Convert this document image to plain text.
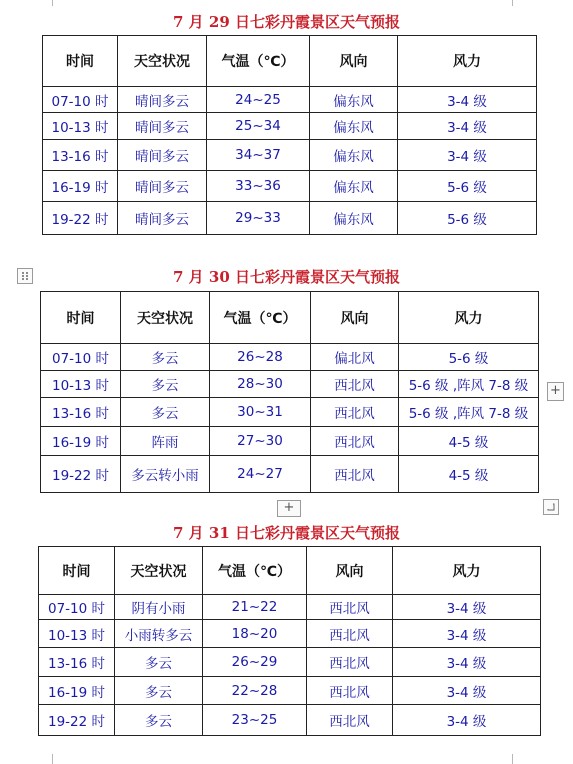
7 月 29 日七彩丹霞景区天气预报
时间	天空状况	气温（℃）	风向	风力
07-10 时	晴间多云	24~25	偏东风	3-4 级
10-13 时	晴间多云	25~34	偏东风	3-4 级
13-16 时	晴间多云	34~37	偏东风	3-4 级
16-19 时	晴间多云	33~36	偏东风	5-6 级
19-22 时	晴间多云	29~33	偏东风	5-6 级
7 月 30 日七彩丹霞景区天气预报
时间	天空状况	气温（℃）	风向	风力
07-10 时	多云	26~28	偏北风	5-6 级
10-13 时	多云	28~30	西北风	5-6 级 ,阵风 7-8 级
13-16 时	多云	30~31	西北风	5-6 级 ,阵风 7-8 级
16-19 时	阵雨	27~30	西北风	4-5 级
19-22 时	多云转小雨	24~27	西北风	4-5 级
+
+
7 月 31 日七彩丹霞景区天气预报
时间	天空状况	气温（℃）	风向	风力
07-10 时	阴有小雨	21~22	西北风	3-4 级
10-13 时	小雨转多云	18~20	西北风	3-4 级
13-16 时	多云	26~29	西北风	3-4 级
16-19 时	多云	22~28	西北风	3-4 级
19-22 时	多云	23~25	西北风	3-4 级
